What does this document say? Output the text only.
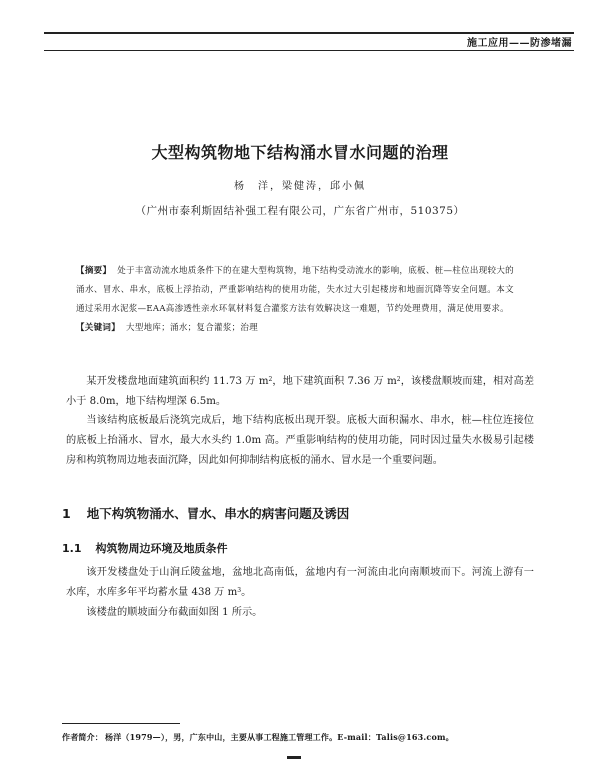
施工应用——防渗堵漏
大型构筑物地下结构涌水冒水问题的治理
杨　洋，梁健涛，邱小佩
（广州市泰利斯固结补强工程有限公司，广东省广州市，510375）
【摘要】 处于丰富动流水地质条件下的在建大型构筑物，地下结构受动流水的影响，底板、桩—柱位出现较大的涌水、冒水、串水，底板上浮抬动，严重影响结构的使用功能，失水过大引起楼房和地面沉降等安全问题。本文通过采用水泥浆—EAA高渗透性亲水环氧材料复合灌浆方法有效解决这一难题，节约处理费用，满足使用要求。
【关键词】 大型地库；涌水；复合灌浆；治理

某开发楼盘地面建筑面积约 11.73 万 $m^2$，地下建筑面积 7.36 万 $m^2$，该楼盘顺坡而建，相对高差小于 8.0m，地下结构埋深 6.5m。

当该结构底板最后浇筑完成后，地下结构底板出现开裂。底板大面积漏水、串水，桩—柱位连接位的底板上抬涌水、冒水，最大水头约 1.0m 高。严重影响结构的使用功能，同时因过量失水极易引起楼房和构筑物周边地表面沉降，因此如何抑制结构底板的涌水、冒水是一个重要问题。

1 地下构筑物涌水、冒水、串水的病害问题及诱因
1.1 构筑物周边环境及地质条件

该开发楼盘处于山涧丘陵盆地，盆地北高南低，盆地内有一河流由北向南顺坡而下。河流上游有一水库，水库多年平均蓄水量 438 万 $m^3$。

该楼盘的顺坡面分布截面如图 1 所示。

作者简介： 杨洋（1979—），男，广东中山，主要从事工程施工管理工作。E-mail：Talis@163.com。
